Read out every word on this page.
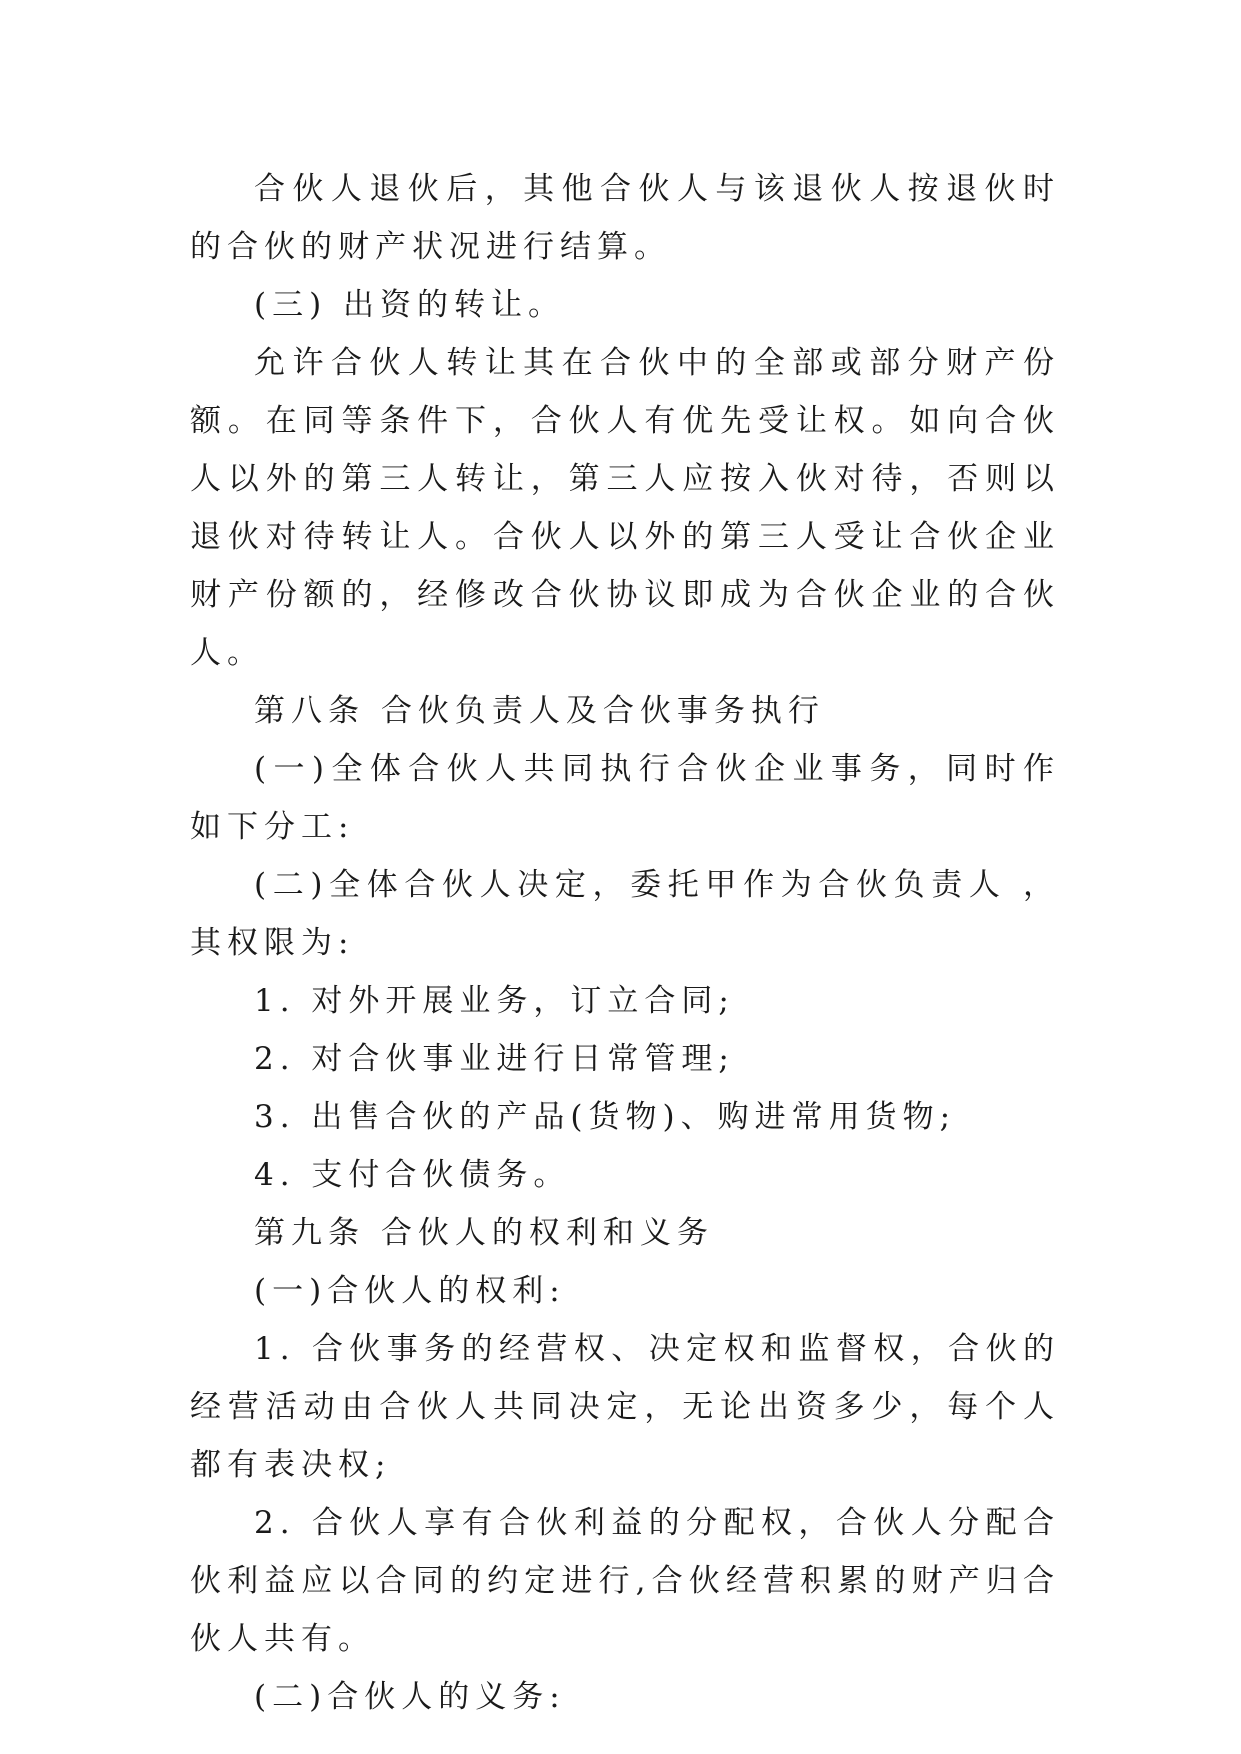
合伙人退伙后，其他合伙人与该退伙人按退伙时的合伙的财产状况进行结算。

(三) 出资的转让。

允许合伙人转让其在合伙中的全部或部分财产份额。在同等条件下，合伙人有优先受让权。如向合伙人以外的第三人转让，第三人应按入伙对待，否则以退伙对待转让人。合伙人以外的第三人受让合伙企业财产份额的，经修改合伙协议即成为合伙企业的合伙人。

第八条 合伙负责人及合伙事务执行

(一)全体合伙人共同执行合伙企业事务，同时作如下分工:

(二)全体合伙人决定，委托甲作为合伙负责人 ，其权限为:

1. 对外开展业务，订立合同;

2. 对合伙事业进行日常管理;

3. 出售合伙的产品(货物)、购进常用货物;

4. 支付合伙债务。

第九条 合伙人的权利和义务

(一)合伙人的权利:

1. 合伙事务的经营权、决定权和监督权，合伙的经营活动由合伙人共同决定，无论出资多少，每个人都有表决权;

2. 合伙人享有合伙利益的分配权，合伙人分配合伙利益应以合同的约定进行,合伙经营积累的财产归合伙人共有。

(二)合伙人的义务:
